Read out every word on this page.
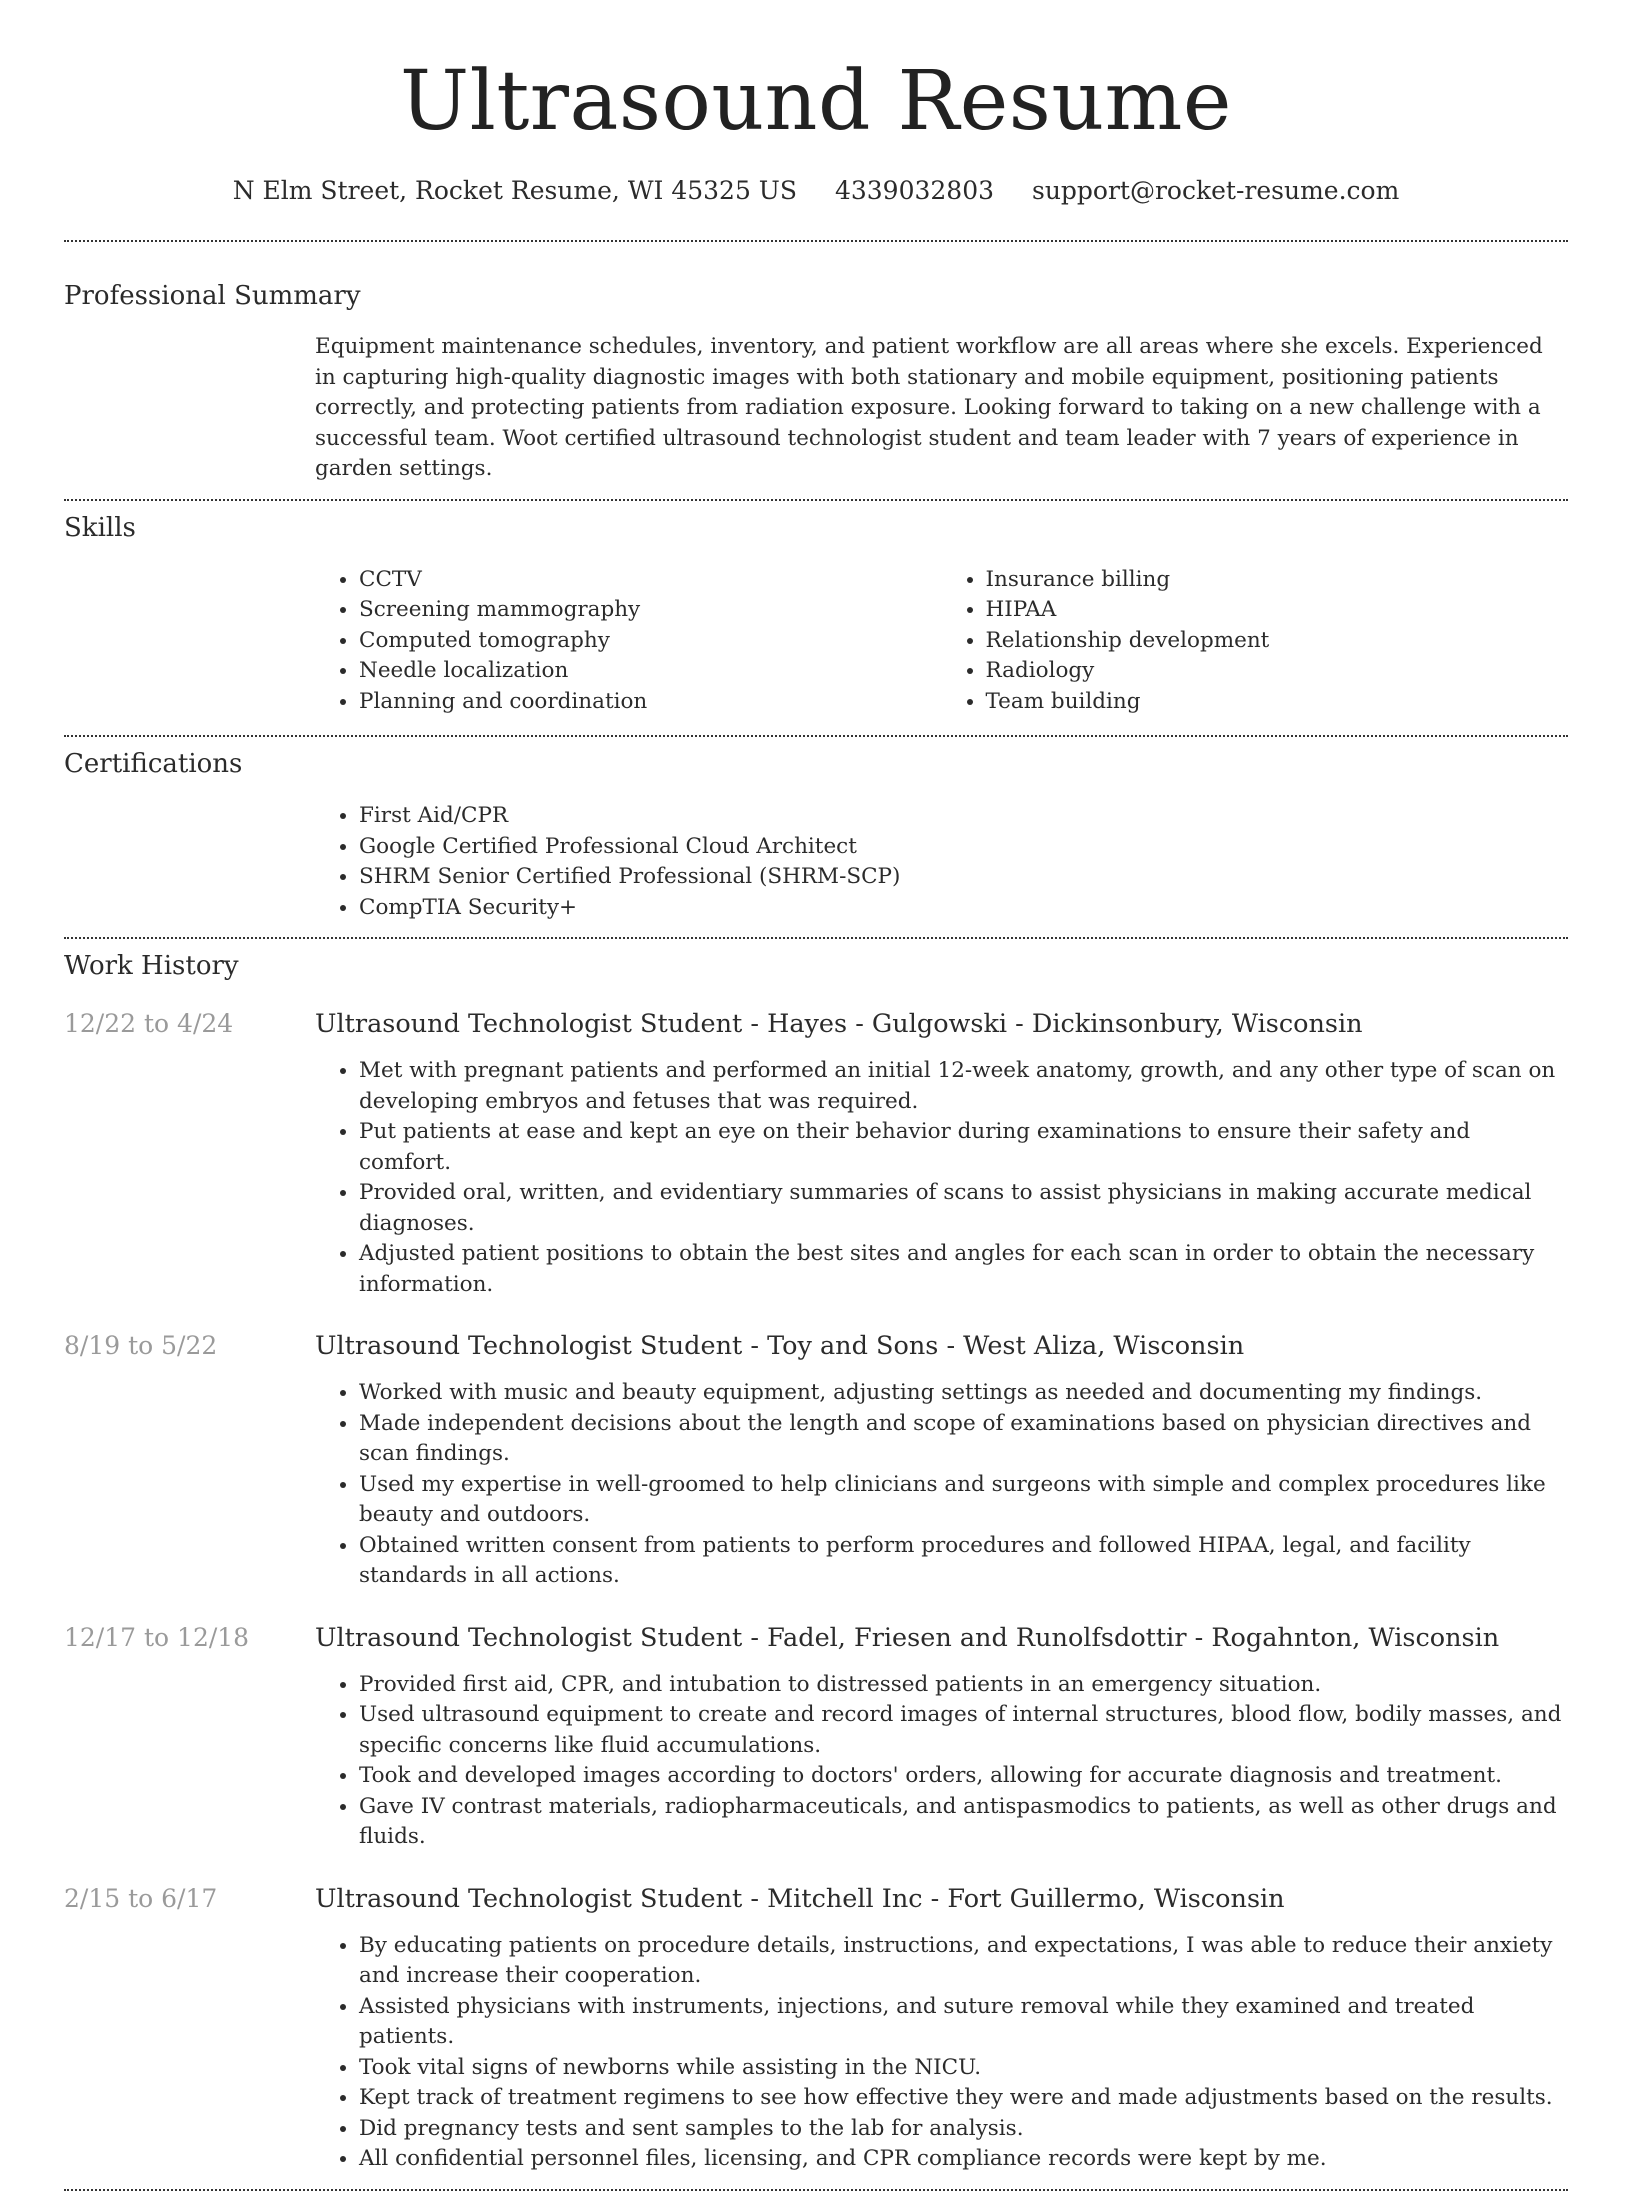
Ultrasound Resume
N Elm Street, Rocket Resume, WI 45325 US 4339032803 support@rocket-resume.com
Professional Summary

Equipment maintenance schedules, inventory, and patient workflow are all areas where she excels. Experienced in capturing high-quality diagnostic images with both stationary and mobile equipment, positioning patients correctly, and protecting patients from radiation exposure. Looking forward to taking on a new challenge with a successful team. Woot certified ultrasound technologist student and team leader with 7 years of experience in garden settings.

Skills
• CCTV
• Screening mammography
• Computed tomography
• Needle localization
• Planning and coordination
• Insurance billing
• HIPAA
• Relationship development
• Radiology
• Team building
Certifications
• First Aid/CPR
• Google Certified Professional Cloud Architect
• SHRM Senior Certified Professional (SHRM-SCP)
• CompTIA Security+
Work History
12/22 to 4/24	Ultrasound Technologist Student - Hayes - Gulgowski - Dickinsonbury, Wisconsin
• Met with pregnant patients and performed an initial 12-week anatomy, growth, and any other type of scan on developing embryos and fetuses that was required.
• Put patients at ease and kept an eye on their behavior during examinations to ensure their safety and comfort.
• Provided oral, written, and evidentiary summaries of scans to assist physicians in making accurate medical diagnoses.
• Adjusted patient positions to obtain the best sites and angles for each scan in order to obtain the necessary information.
8/19 to 5/22	Ultrasound Technologist Student - Toy and Sons - West Aliza, Wisconsin
• Worked with music and beauty equipment, adjusting settings as needed and documenting my findings.
• Made independent decisions about the length and scope of examinations based on physician directives and scan findings.
• Used my expertise in well-groomed to help clinicians and surgeons with simple and complex procedures like beauty and outdoors.
• Obtained written consent from patients to perform procedures and followed HIPAA, legal, and facility standards in all actions.
12/17 to 12/18	Ultrasound Technologist Student - Fadel, Friesen and Runolfsdottir - Rogahnton, Wisconsin
• Provided first aid, CPR, and intubation to distressed patients in an emergency situation.
• Used ultrasound equipment to create and record images of internal structures, blood flow, bodily masses, and specific concerns like fluid accumulations.
• Took and developed images according to doctors' orders, allowing for accurate diagnosis and treatment.
• Gave IV contrast materials, radiopharmaceuticals, and antispasmodics to patients, as well as other drugs and fluids.
2/15 to 6/17	Ultrasound Technologist Student - Mitchell Inc - Fort Guillermo, Wisconsin
• By educating patients on procedure details, instructions, and expectations, I was able to reduce their anxiety and increase their cooperation.
• Assisted physicians with instruments, injections, and suture removal while they examined and treated patients.
• Took vital signs of newborns while assisting in the NICU.
• Kept track of treatment regimens to see how effective they were and made adjustments based on the results.
• Did pregnancy tests and sent samples to the lab for analysis.
• All confidential personnel files, licensing, and CPR compliance records were kept by me.
